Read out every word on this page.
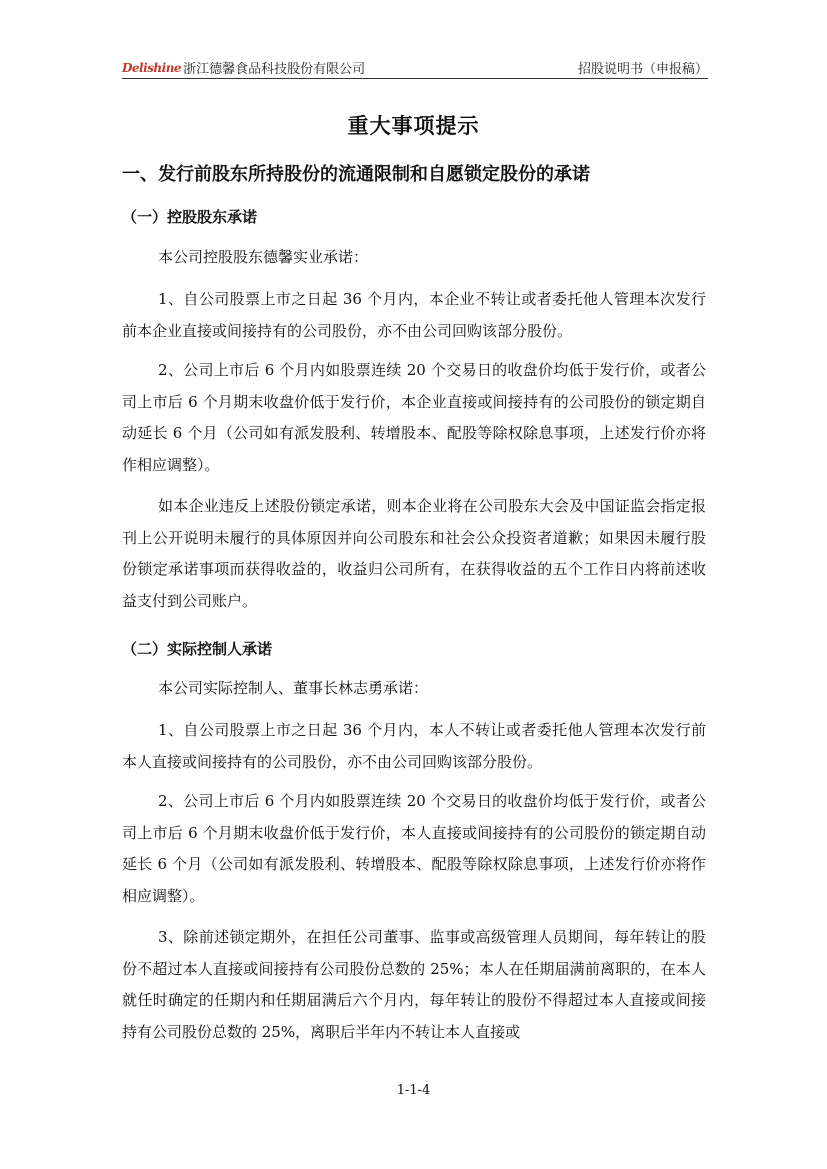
Delishine 浙江德馨食品科技股份有限公司	招股说明书（申报稿）
重大事项提示
一、发行前股东所持股份的流通限制和自愿锁定股份的承诺
（一）控股股东承诺

本公司控股股东德馨实业承诺：

1、自公司股票上市之日起 36 个月内，本企业不转让或者委托他人管理本次发行前本企业直接或间接持有的公司股份，亦不由公司回购该部分股份。

2、公司上市后 6 个月内如股票连续 20 个交易日的收盘价均低于发行价，或者公司上市后 6 个月期末收盘价低于发行价，本企业直接或间接持有的公司股份的锁定期自动延长 6 个月（公司如有派发股利、转增股本、配股等除权除息事项，上述发行价亦将作相应调整）。

如本企业违反上述股份锁定承诺，则本企业将在公司股东大会及中国证监会指定报刊上公开说明未履行的具体原因并向公司股东和社会公众投资者道歉；如果因未履行股份锁定承诺事项而获得收益的，收益归公司所有，在获得收益的五个工作日内将前述收益支付到公司账户。

（二）实际控制人承诺

本公司实际控制人、董事长林志勇承诺：

1、自公司股票上市之日起 36 个月内，本人不转让或者委托他人管理本次发行前本人直接或间接持有的公司股份，亦不由公司回购该部分股份。

2、公司上市后 6 个月内如股票连续 20 个交易日的收盘价均低于发行价，或者公司上市后 6 个月期末收盘价低于发行价，本人直接或间接持有的公司股份的锁定期自动延长 6 个月（公司如有派发股利、转增股本、配股等除权除息事项，上述发行价亦将作相应调整）。

3、除前述锁定期外，在担任公司董事、监事或高级管理人员期间，每年转让的股份不超过本人直接或间接持有公司股份总数的 25%；本人在任期届满前离职的，在本人就任时确定的任期内和任期届满后六个月内，每年转让的股份不得超过本人直接或间接持有公司股份总数的 25%，离职后半年内不转让本人直接或

1-1-4
